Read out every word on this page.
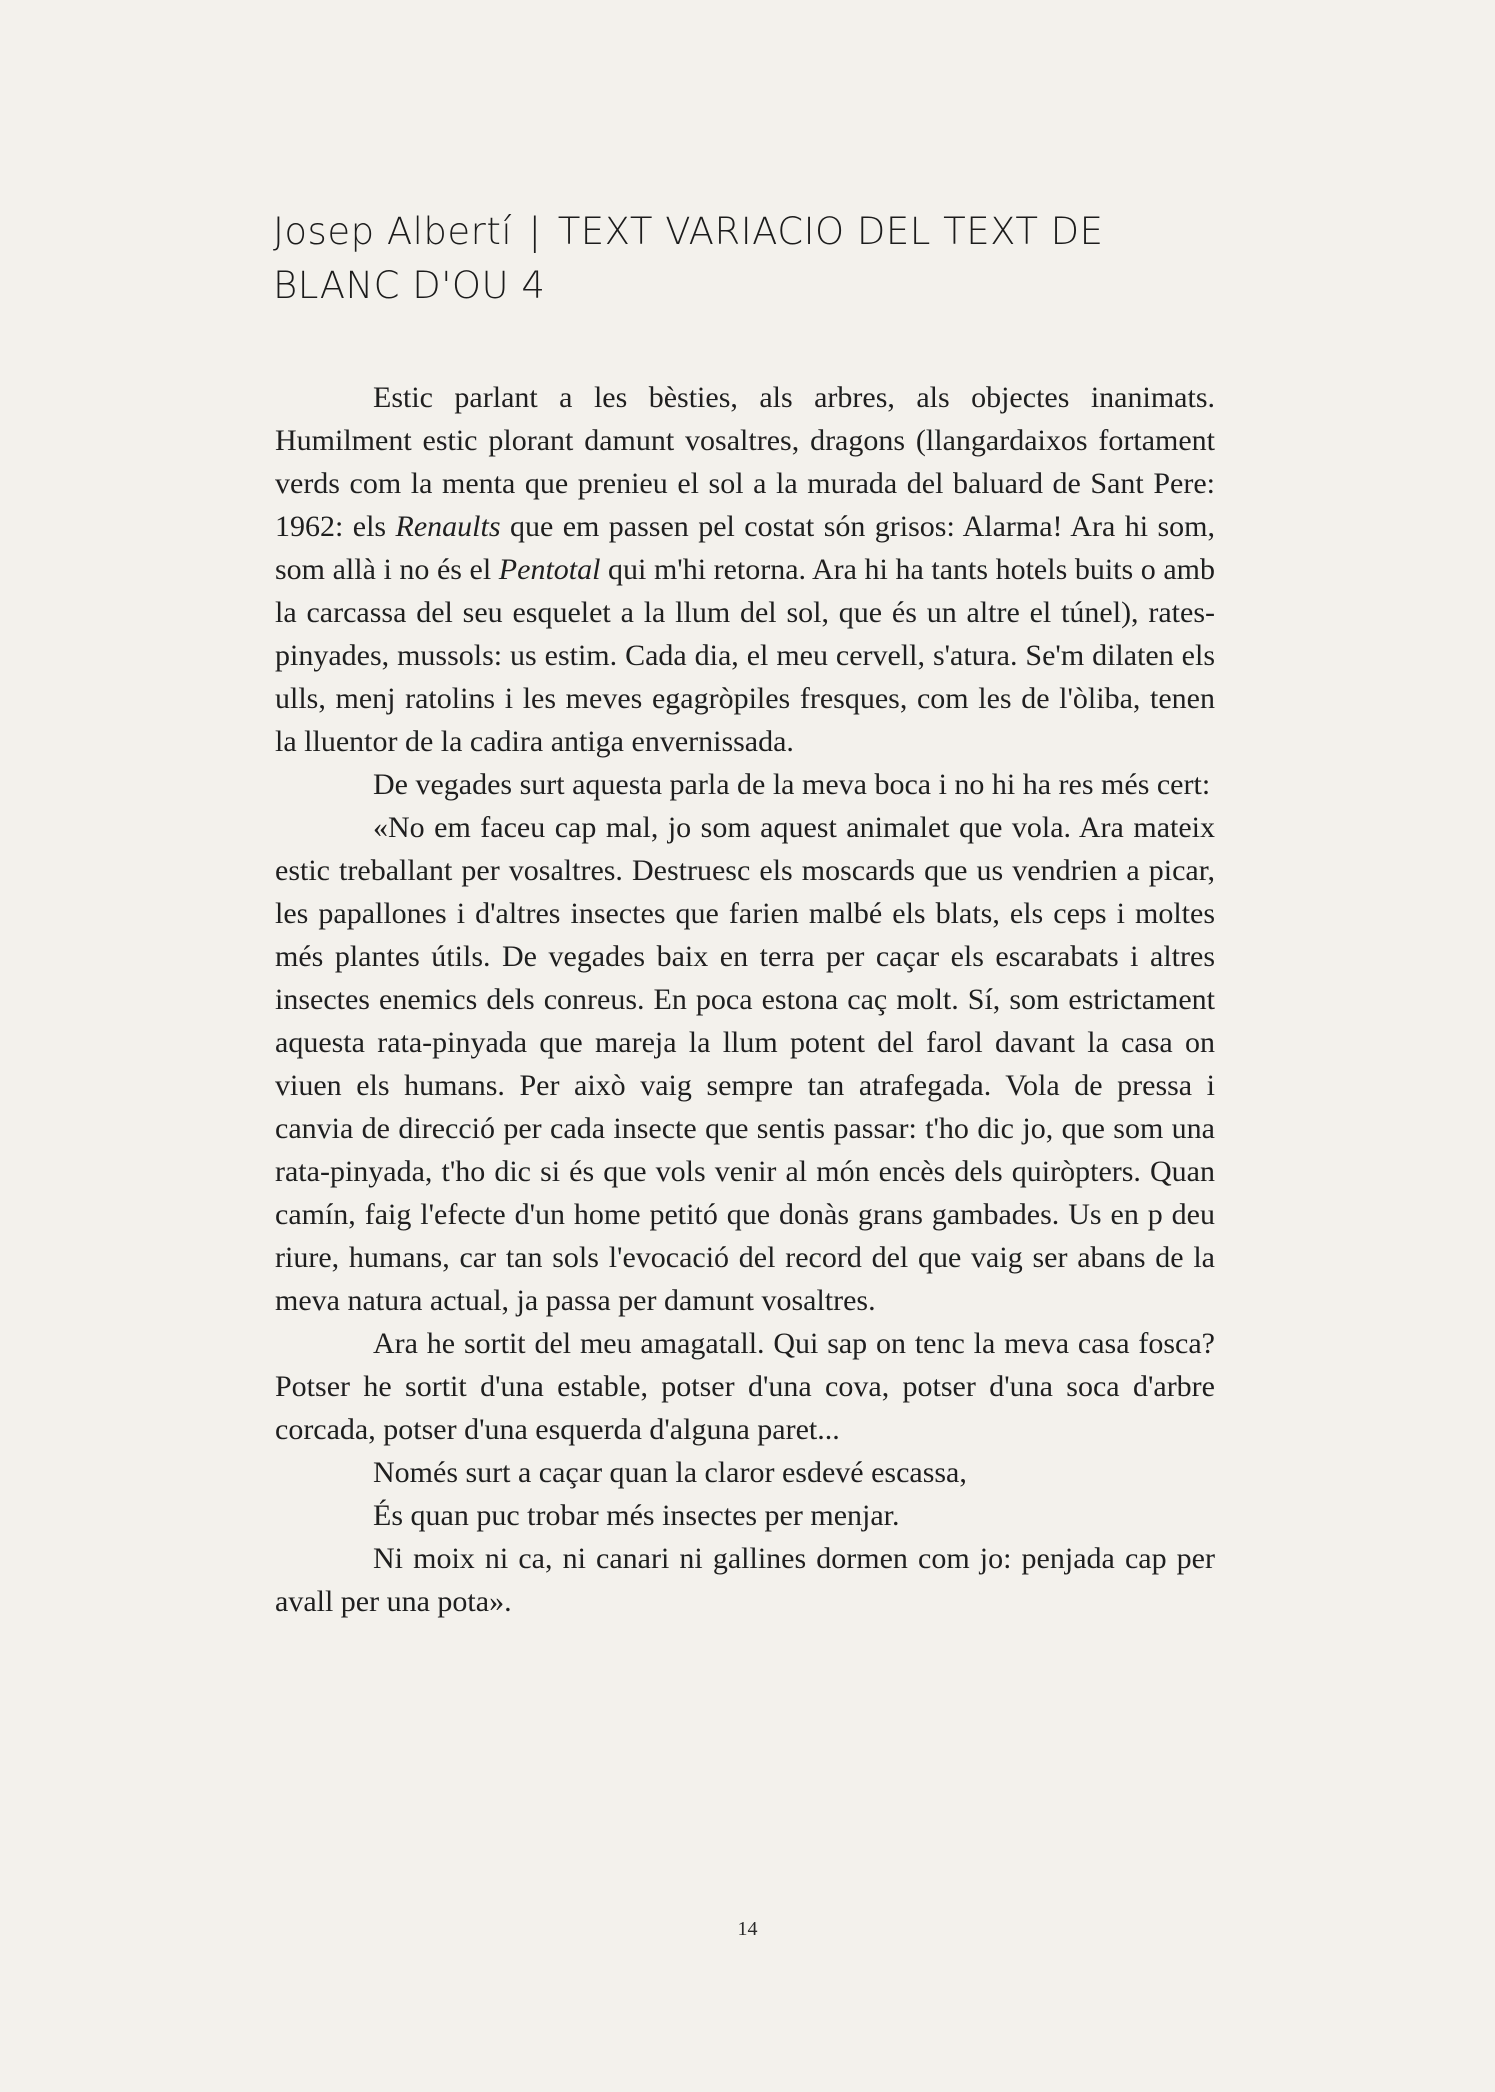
Josep Albertí | TEXT VARIACIO DEL TEXT DE
BLANC D'OU 4

Estic parlant a les bèsties, als arbres, als objectes inanimats. Humilment estic plorant damunt vosaltres, dragons (llangardaixos fortament verds com la menta que prenieu el sol a la murada del baluard de Sant Pere: 1962: els Renaults que em passen pel costat són grisos: Alarma! Ara hi som, som allà i no és el Pentotal qui m'hi retorna. Ara hi ha tants hotels buits o amb la carcassa del seu esquelet a la llum del sol, que és un altre el túnel), rates-pinyades, mussols: us estim. Cada dia, el meu cervell, s'atura. Se'm dilaten els ulls, menj ratolins i les meves egagròpiles fresques, com les de l'òliba, tenen la lluentor de la cadira antiga envernissada.

De vegades surt aquesta parla de la meva boca i no hi ha res més cert:

«No em faceu cap mal, jo som aquest animalet que vola. Ara mateix estic treballant per vosaltres. Destruesc els moscards que us vendrien a picar, les papallones i d'altres insectes que farien malbé els blats, els ceps i moltes més plantes útils. De vegades baix en terra per caçar els escarabats i altres insectes enemics dels conreus. En poca estona caç molt. Sí, som estrictament aquesta rata-pinyada que mareja la llum potent del farol davant la casa on viuen els humans. Per això vaig sempre tan atrafegada. Vola de pressa i canvia de direcció per cada insecte que sentis passar: t'ho dic jo, que som una rata-pinyada, t'ho dic si és que vols venir al món encès dels quiròpters. Quan camín, faig l'efecte d'un home petitó que donàs grans gambades. Us en p deu riure, humans, car tan sols l'evocació del record del que vaig ser abans de la meva natura actual, ja passa per damunt vosaltres.

Ara he sortit del meu amagatall. Qui sap on tenc la meva casa fosca? Potser he sortit d'una estable, potser d'una cova, potser d'una soca d'arbre corcada, potser d'una esquerda d'alguna paret...

Només surt a caçar quan la claror esdevé escassa,

És quan puc trobar més insectes per menjar.

Ni moix ni ca, ni canari ni gallines dormen com jo: penjada cap per avall per una pota».

14
